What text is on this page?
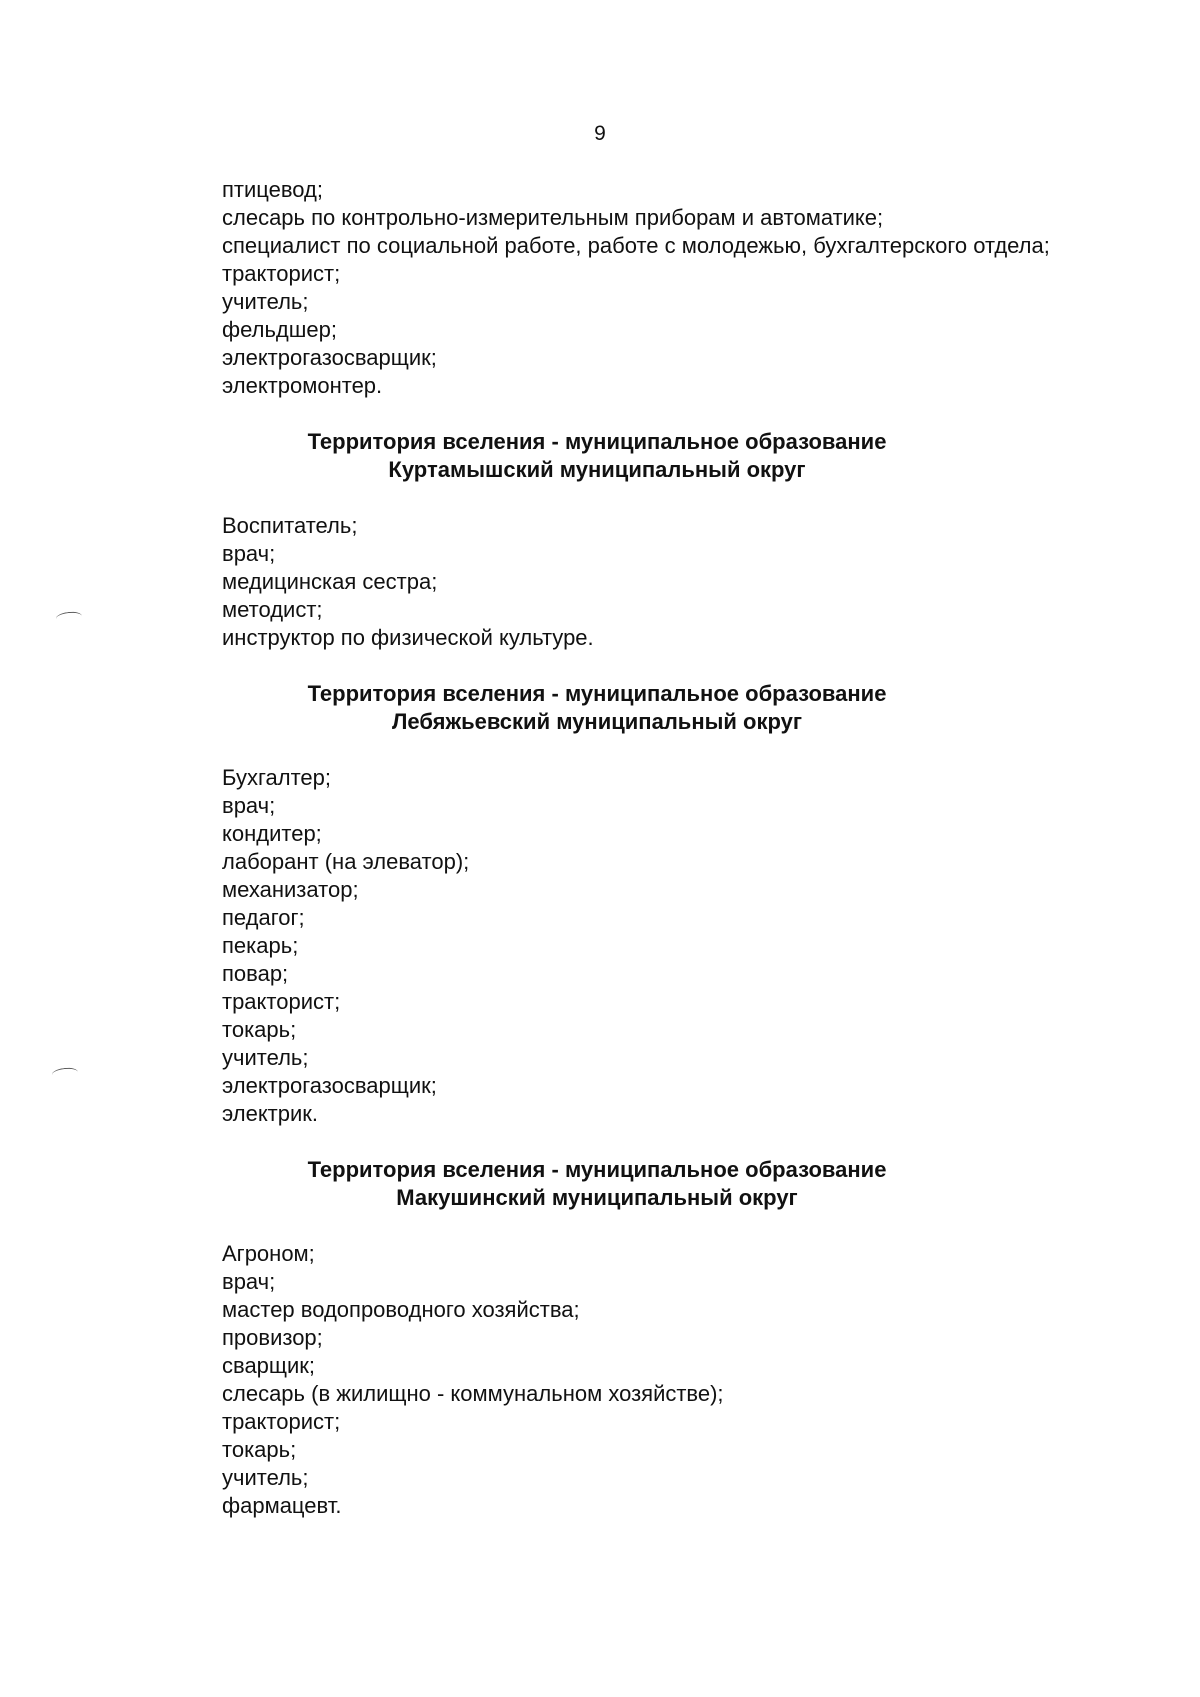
9
птицевод;
слесарь по контрольно-измерительным приборам и автоматике;
специалист по социальной работе, работе с молодежью, бухгалтерского отдела;
тракторист;
учитель;
фельдшер;
электрогазосварщик;
электромонтер.
Территория вселения - муниципальное образование
Куртамышский муниципальный округ
Воспитатель;
врач;
медицинская сестра;
методист;
инструктор по физической культуре.
Территория вселения - муниципальное образование
Лебяжьевский муниципальный округ
Бухгалтер;
врач;
кондитер;
лаборант (на элеватор);
механизатор;
педагог;
пекарь;
повар;
тракторист;
токарь;
учитель;
электрогазосварщик;
электрик.
Территория вселения - муниципальное образование
Макушинский муниципальный округ
Агроном;
врач;
мастер водопроводного хозяйства;
провизор;
сварщик;
слесарь (в жилищно - коммунальном хозяйстве);
тракторист;
токарь;
учитель;
фармацевт.
